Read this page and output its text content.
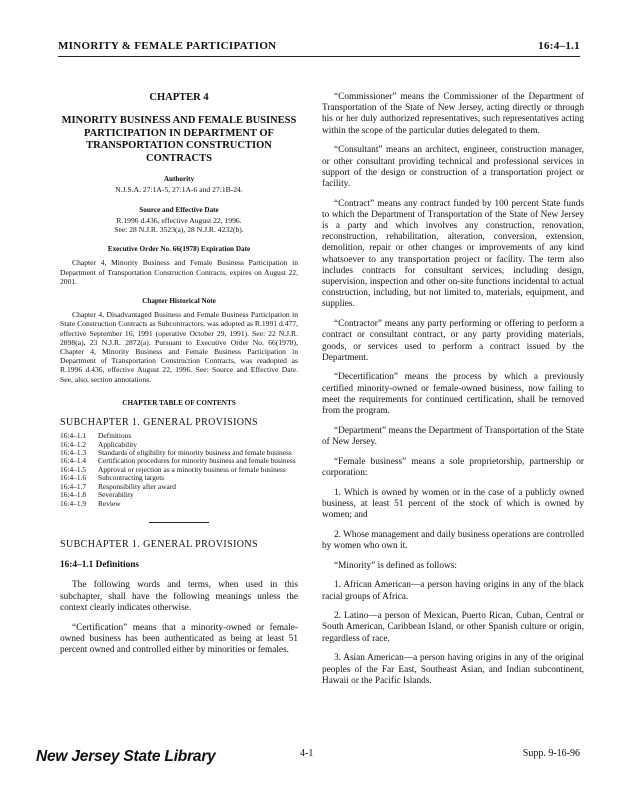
MINORITY & FEMALE PARTICIPATION	16:4–1.1
CHAPTER 4
MINORITY BUSINESS AND FEMALE BUSINESS PARTICIPATION IN DEPARTMENT OF TRANSPORTATION CONSTRUCTION CONTRACTS
Authority
N.J.S.A. 27:1A-5, 27:1A-6 and 27:1B-24.
Source and Effective Date
R.1996 d.436, effective August 22, 1996.
See: 28 N.J.R. 3523(a), 28 N.J.R. 4232(b).
Executive Order No. 66(1978) Expiration Date
Chapter 4, Minority Business and Female Business Participation in Department of Transportation Construction Contracts, expires on August 22, 2001.
Chapter Historical Note
Chapter 4, Disadvantaged Business and Female Business Participation in State Construction Contracts as Subcontractors, was adopted as R.1991 d.477, effective September 16, 1991 (operative October 29, 1991). See: 22 N.J.R. 2898(a), 23 N.J.R. 2872(a). Pursuant to Executive Order No. 66(1978), Chapter 4, Minority Business and Female Business Participation in Department of Transportation Construction Contracts, was readopted as R.1996 d.436, effective August 22, 1996. See: Source and Effective Date. See, also, section annotations.
CHAPTER TABLE OF CONTENTS
SUBCHAPTER 1. GENERAL PROVISIONS
16:4–1.1	Definitions
16:4–1.2	Applicability
16:4–1.3	Standards of eligibility for minority business and female business
16:4–1.4	Certification procedures for minority business and female business
16:4–1.5	Approval or rejection as a minority business or female business
16:4–1.6	Subcontracting targets
16:4–1.7	Responsibility after award
16:4–1.8	Severability
16:4–1.9	Review
SUBCHAPTER 1. GENERAL PROVISIONS
16:4–1.1 Definitions
The following words and terms, when used in this subchapter, shall have the following meanings unless the context clearly indicates otherwise.
“Certification” means that a minority-owned or female-owned business has been authenticated as being at least 51 percent owned and controlled either by minorities or females.
“Commissioner” means the Commissioner of the Department of Transportation of the State of New Jersey, acting directly or through his or her duly authorized representatives, such representatives acting within the scope of the particular duties delegated to them.
“Consultant” means an architect, engineer, construction manager, or other consultant providing technical and professional services in support of the design or construction of a transportation project or facility.
“Contract” means any contract funded by 100 percent State funds to which the Department of Transportation of the State of New Jersey is a party and which involves any construction, renovation, reconstruction, rehabilitation, alteration, conversion, extension, demolition, repair or other changes or improvements of any kind whatsoever to any transportation project or facility. The term also includes contracts for consultant services, including design, supervision, inspection and other on-site functions incidental to actual construction, including, but not limited to, materials, equipment, and supplies.
“Contractor” means any party performing or offering to perform a contract or consultant contract, or any party providing materials, goods, or services used to perform a contract issued by the Department.
“Decertification” means the process by which a previously certified minority-owned or female-owned business, now failing to meet the requirements for continued certification, shall be removed from the program.
“Department” means the Department of Transportation of the State of New Jersey.
“Female business” means a sole proprietorship, partnership or corporation:
1. Which is owned by women or in the case of a publicly owned business, at least 51 percent of the stock of which is owned by women; and
2. Whose management and daily business operations are controlled by women who own it.
“Minority” is defined as follows:
1. African American—a person having origins in any of the black racial groups of Africa.
2. Latino—a person of Mexican, Puerto Rican, Cuban, Central or South American, Caribbean Island, or other Spanish culture or origin, regardless of race.
3. Asian American—a person having origins in any of the original peoples of the Far East, Southeast Asian, and Indian subcontinent, Hawaii or the Pacific Islands.
New Jersey State Library	4-1	Supp. 9-16-96
